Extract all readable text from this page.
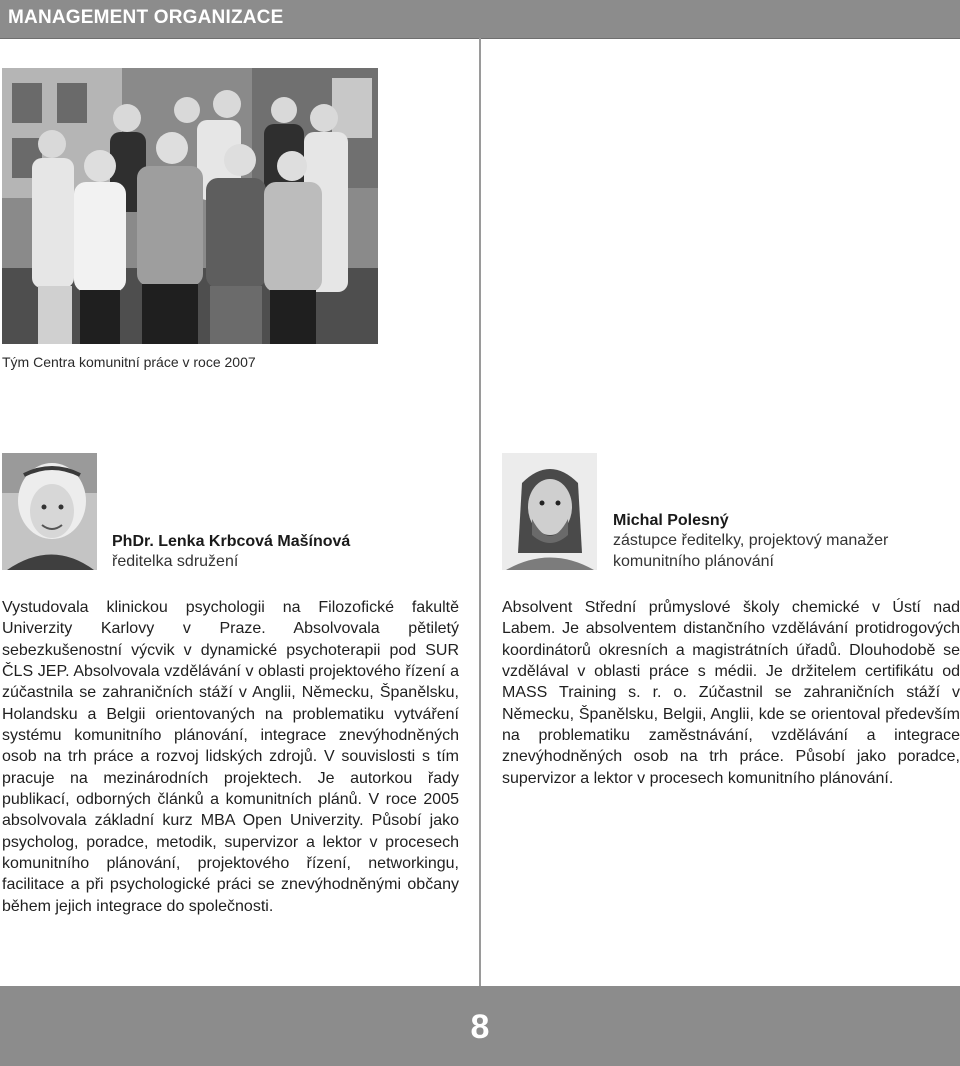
MANAGEMENT ORGANIZACE
Tým Centra komunitní práce v roce 2007
PhDr. Lenka Krbcová Mašínová
ředitelka sdružení

Vystudovala klinickou psychologii na Filozofické fakultě Univerzity Karlovy v Praze. Absolvovala pětiletý sebezkušenostní výcvik v dynamické psychoterapii pod SUR ČLS JEP. Absolvovala vzdělávání v oblasti projektového řízení a zúčastnila se zahraničních stáží v Anglii, Německu, Španělsku, Holandsku a Belgii orientovaných na problematiku vytváření systému komunitního plánování, integrace znevýhodněných osob na trh práce a rozvoj lidských zdrojů. V souvislosti s tím pracuje na mezinárodních projektech. Je autorkou řady publikací, odborných článků a komunitních plánů. V roce 2005 absolvovala základní kurz MBA Open Univerzity. Působí jako psycholog, poradce, metodik, supervizor a lektor v procesech komunitního plánování, projektového řízení, networkingu, facilitace a při psychologické práci se znevýhodněnými občany během jejich integrace do společnosti.

Michal Polesný
zástupce ředitelky, projektový manažer komunitního plánování

Absolvent Střední průmyslové školy chemické v Ústí nad Labem. Je absolventem distančního vzdělávání protidrogových koordinátorů okresních a magistrátních úřadů. Dlouhodobě se vzdělával v oblasti práce s médii. Je držitelem certifikátu od MASS Training s. r. o. Zúčastnil se zahraničních stáží v Německu, Španělsku, Belgii, Anglii, kde se orientoval především na problematiku zaměstnávání, vzdělávání a integrace znevýhodněných osob na trh práce. Působí jako poradce, supervizor a lektor v procesech komunitního plánování.

8
